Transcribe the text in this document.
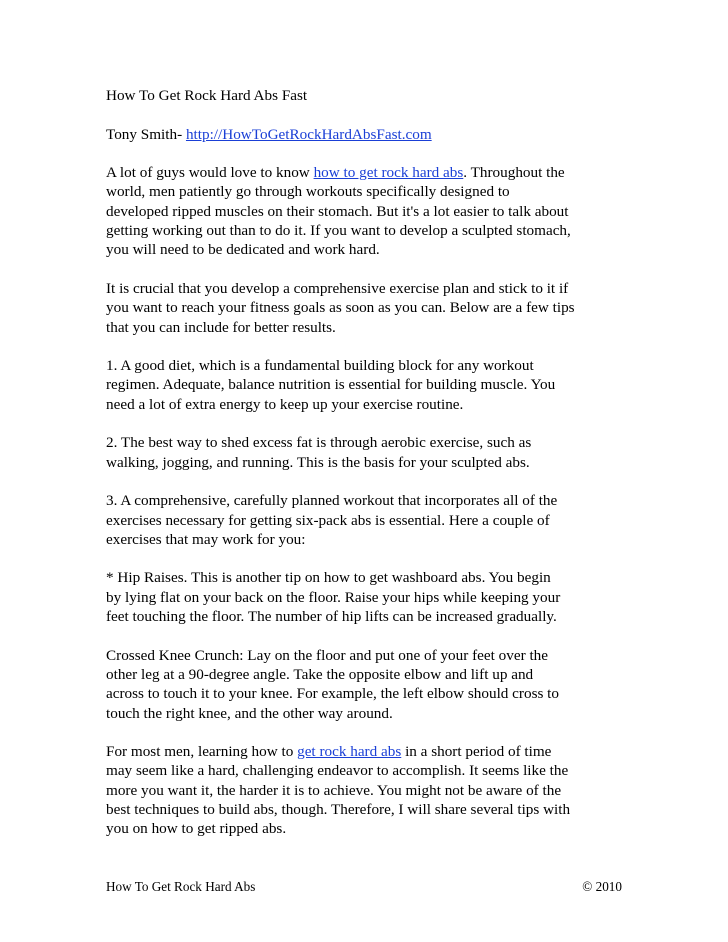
How To Get Rock Hard Abs Fast

Tony Smith- http://HowToGetRockHardAbsFast.com

A lot of guys would love to know how to get rock hard abs. Throughout the
world, men patiently go through workouts specifically designed to
developed ripped muscles on their stomach. But it's a lot easier to talk about
getting working out than to do it. If you want to develop a sculpted stomach,
you will need to be dedicated and work hard.

It is crucial that you develop a comprehensive exercise plan and stick to it if
you want to reach your fitness goals as soon as you can. Below are a few tips
that you can include for better results.

1. A good diet, which is a fundamental building block for any workout
regimen. Adequate, balance nutrition is essential for building muscle. You
need a lot of extra energy to keep up your exercise routine.

2. The best way to shed excess fat is through aerobic exercise, such as
walking, jogging, and running. This is the basis for your sculpted abs.

3. A comprehensive, carefully planned workout that incorporates all of the
exercises necessary for getting six-pack abs is essential. Here a couple of
exercises that may work for you:

* Hip Raises. This is another tip on how to get washboard abs. You begin
by lying flat on your back on the floor. Raise your hips while keeping your
feet touching the floor. The number of hip lifts can be increased gradually.

Crossed Knee Crunch: Lay on the floor and put one of your feet over the
other leg at a 90-degree angle. Take the opposite elbow and lift up and
across to touch it to your knee. For example, the left elbow should cross to
touch the right knee, and the other way around.

For most men, learning how to get rock hard abs in a short period of time
may seem like a hard, challenging endeavor to accomplish. It seems like the
more you want it, the harder it is to achieve. You might not be aware of the
best techniques to build abs, though. Therefore, I will share several tips with
you on how to get ripped abs.

How To Get Rock Hard Abs	© 2010
